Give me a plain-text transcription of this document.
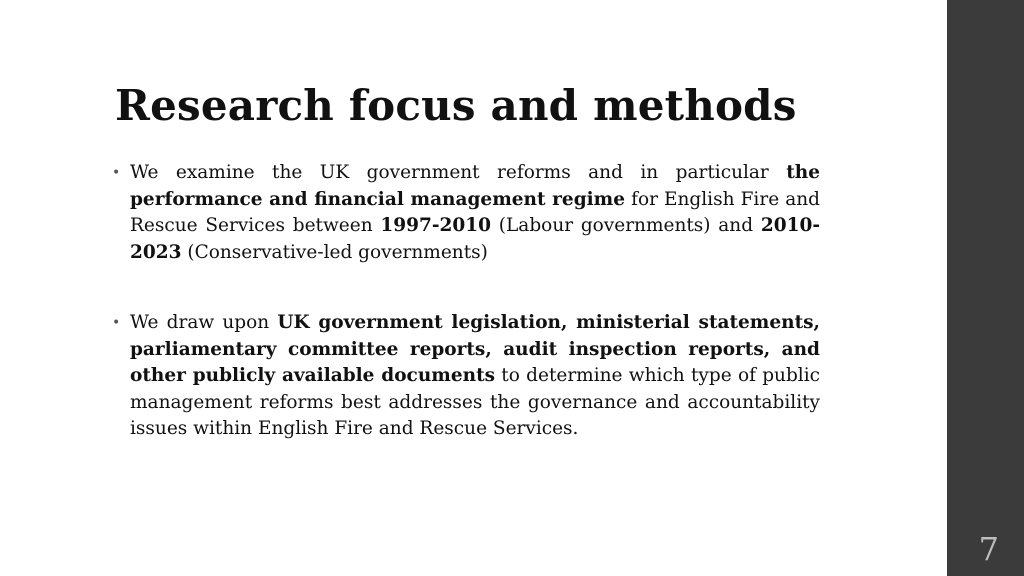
Research focus and methods
• We examine the UK government reforms and in particular the performance and financial management regime for English Fire and Rescue Services between 1997-2010 (Labour governments) and 2010-2023 (Conservative-led governments)
• We draw upon UK government legislation, ministerial statements, parliamentary committee reports, audit inspection reports, and other publicly available documents to determine which type of public management reforms best addresses the governance and accountability issues within English Fire and Rescue Services.
7
